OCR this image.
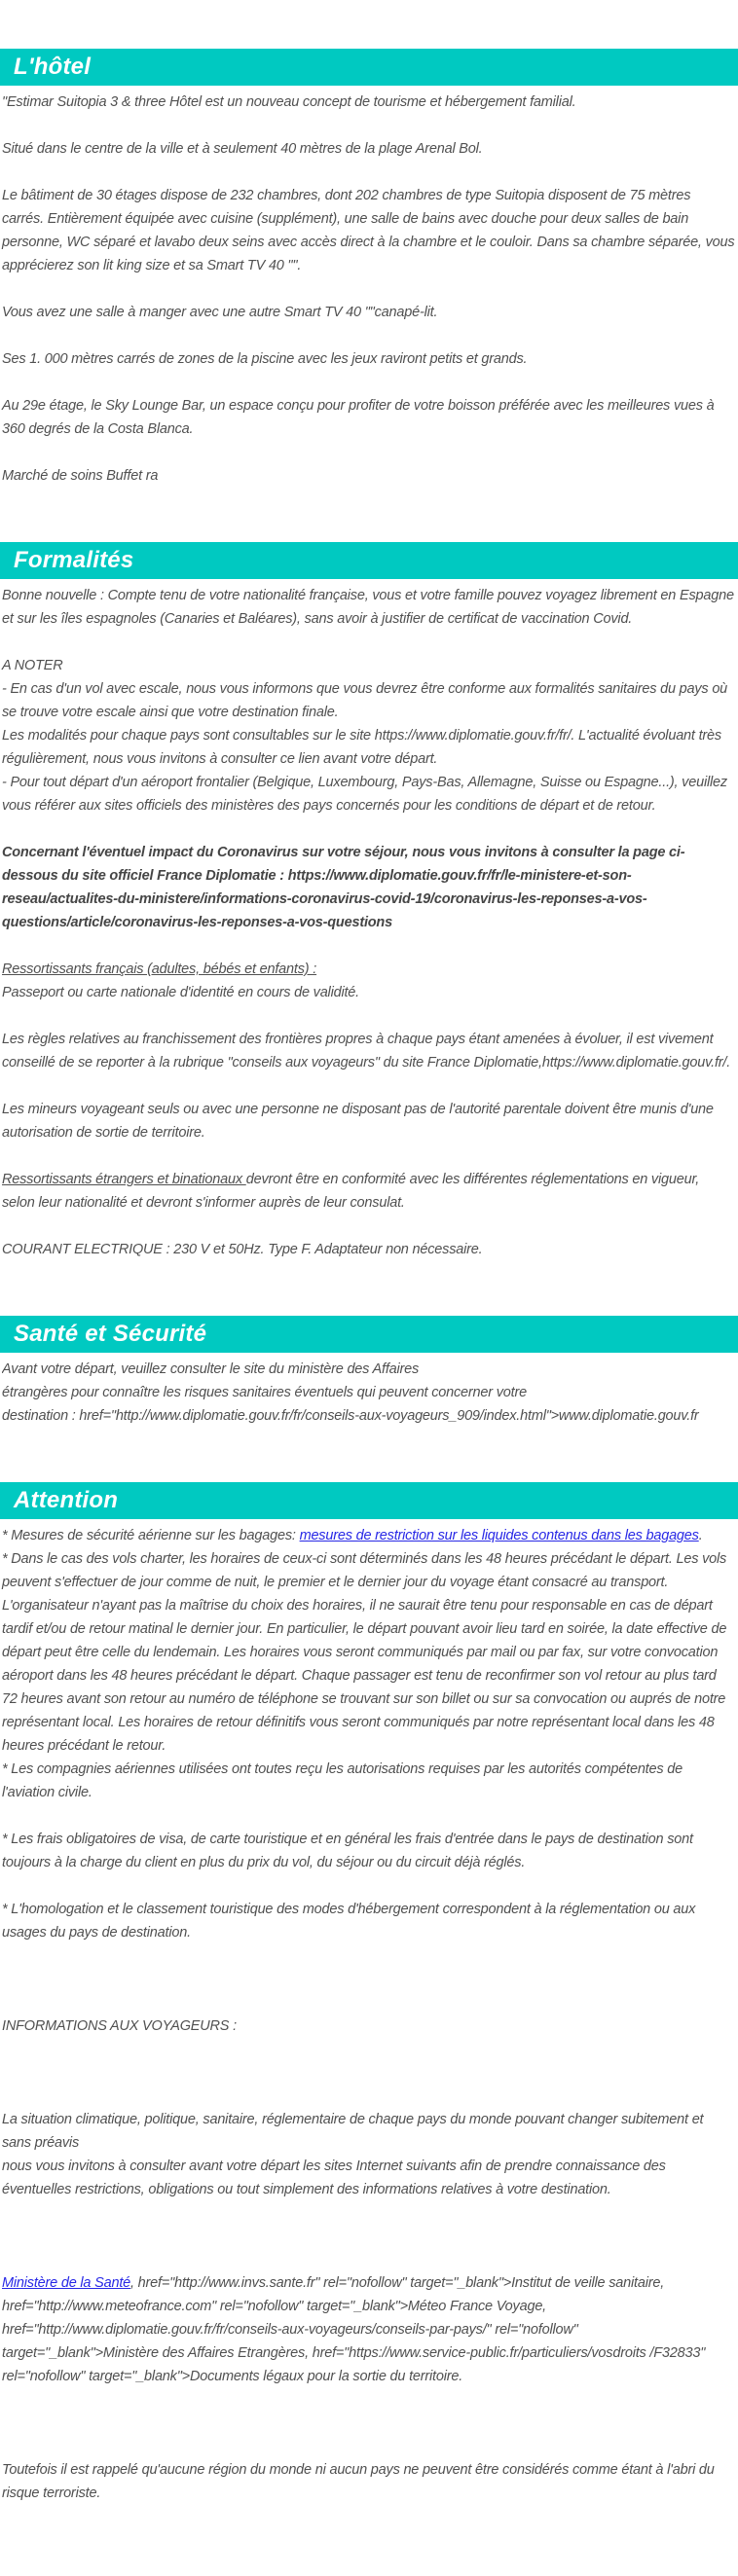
L'hôtel

"Estimar Suitopia 3 & three Hôtel est un nouveau concept de tourisme et hébergement familial.

Situé dans le centre de la ville et à seulement 40 mètres de la plage Arenal Bol.

Le bâtiment de 30 étages dispose de 232 chambres, dont 202 chambres de type Suitopia disposent de 75 mètres carrés. Entièrement équipée avec cuisine (supplément), une salle de bains avec douche pour deux salles de bain personne, WC séparé et lavabo deux seins avec accès direct à la chambre et le couloir. Dans sa chambre séparée, vous apprécierez son lit king size et sa Smart TV 40 "".

Vous avez une salle à manger avec une autre Smart TV 40 ""canapé-lit.

Ses 1. 000 mètres carrés de zones de la piscine avec les jeux raviront petits et grands.

Au 29e étage, le Sky Lounge Bar, un espace conçu pour profiter de votre boisson préférée avec les meilleures vues à 360 degrés de la Costa Blanca.

Marché de soins Buffet ra

Formalités

Bonne nouvelle : Compte tenu de votre nationalité française, vous et votre famille pouvez voyagez librement en Espagne et sur les îles espagnoles (Canaries et Baléares), sans avoir à justifier de certificat de vaccination Covid.

A NOTER
- En cas d'un vol avec escale, nous vous informons que vous devrez être conforme aux formalités sanitaires du pays où se trouve votre escale ainsi que votre destination finale.
Les modalités pour chaque pays sont consultables sur le site https://www.diplomatie.gouv.fr/fr/. L'actualité évoluant très régulièrement, nous vous invitons à consulter ce lien avant votre départ.
- Pour tout départ d'un aéroport frontalier (Belgique, Luxembourg, Pays-Bas, Allemagne, Suisse ou Espagne...), veuillez vous référer aux sites officiels des ministères des pays concernés pour les conditions de départ et de retour.

Concernant l'éventuel impact du Coronavirus sur votre séjour, nous vous invitons à consulter la page ci-dessous du site officiel France Diplomatie : https://www.diplomatie.gouv.fr/fr/le-ministere-et-son-reseau/actualites-du-ministere/informations-coronavirus-covid-19/coronavirus-les-reponses-a-vos-questions/article/coronavirus-les-reponses-a-vos-questions

Ressortissants français (adultes, bébés et enfants) :
Passeport ou carte nationale d'identité en cours de validité.

Les règles relatives au franchissement des frontières propres à chaque pays étant amenées à évoluer, il est vivement conseillé de se reporter à la rubrique "conseils aux voyageurs" du site France Diplomatie,https://www.diplomatie.gouv.fr/.

Les mineurs voyageant seuls ou avec une personne ne disposant pas de l'autorité parentale doivent être munis d'une autorisation de sortie de territoire.

Ressortissants étrangers et binationaux devront être en conformité avec les différentes réglementations en vigueur, selon leur nationalité et devront s'informer auprès de leur consulat.

COURANT ELECTRIQUE : 230 V et 50Hz. Type F. Adaptateur non nécessaire.

Santé et Sécurité

Avant votre départ, veuillez consulter le site du ministère des Affaires
étrangères pour connaître les risques sanitaires éventuels qui peuvent concerner votre
destination : href="http://www.diplomatie.gouv.fr/fr/conseils-aux-voyageurs_909/index.html">www.diplomatie.gouv.fr

Attention

* Mesures de sécurité aérienne sur les bagages: mesures de restriction sur les liquides contenus dans les bagages.
* Dans le cas des vols charter, les horaires de ceux-ci sont déterminés dans les 48 heures précédant le départ. Les vols peuvent s'effectuer de jour comme de nuit, le premier et le dernier jour du voyage étant consacré au transport. L'organisateur n'ayant pas la maîtrise du choix des horaires, il ne saurait être tenu pour responsable en cas de départ tardif et/ou de retour matinal le dernier jour. En particulier, le départ pouvant avoir lieu tard en soirée, la date effective de départ peut être celle du lendemain. Les horaires vous seront communiqués par mail ou par fax, sur votre convocation aéroport dans les 48 heures précédant le départ. Chaque passager est tenu de reconfirmer son vol retour au plus tard 72 heures avant son retour au numéro de téléphone se trouvant sur son billet ou sur sa convocation ou auprés de notre représentant local. Les horaires de retour définitifs vous seront communiqués par notre représentant local dans les 48 heures précédant le retour.
* Les compagnies aériennes utilisées ont toutes reçu les autorisations requises par les autorités compétentes de l'aviation civile.

* Les frais obligatoires de visa, de carte touristique et en général les frais d'entrée dans le pays de destination sont toujours à la charge du client en plus du prix du vol, du séjour ou du circuit déjà réglés.

* L'homologation et le classement touristique des modes d'hébergement correspondent à la réglementation ou aux usages du pays de destination.

INFORMATIONS AUX VOYAGEURS :

La situation climatique, politique, sanitaire, réglementaire de chaque pays du monde pouvant changer subitement et sans préavis
nous vous invitons à consulter avant votre départ les sites Internet suivants afin de prendre connaissance des éventuelles restrictions, obligations ou tout simplement des informations relatives à votre destination.

Ministère de la Santé, href="http://www.invs.sante.fr" rel="nofollow" target="_blank">Institut de veille sanitaire, href="http://www.meteofrance.com" rel="nofollow" target="_blank">Méteo France Voyage, href="http://www.diplomatie.gouv.fr/fr/conseils-aux-voyageurs/conseils-par-pays/" rel="nofollow" target="_blank">Ministère des Affaires Etrangères, href="https://www.service-public.fr/particuliers/vosdroits /F32833" rel="nofollow" target="_blank">Documents légaux pour la sortie du territoire.

Toutefois il est rappelé qu'aucune région du monde ni aucun pays ne peuvent être considérés comme étant à l'abri du risque terroriste.
